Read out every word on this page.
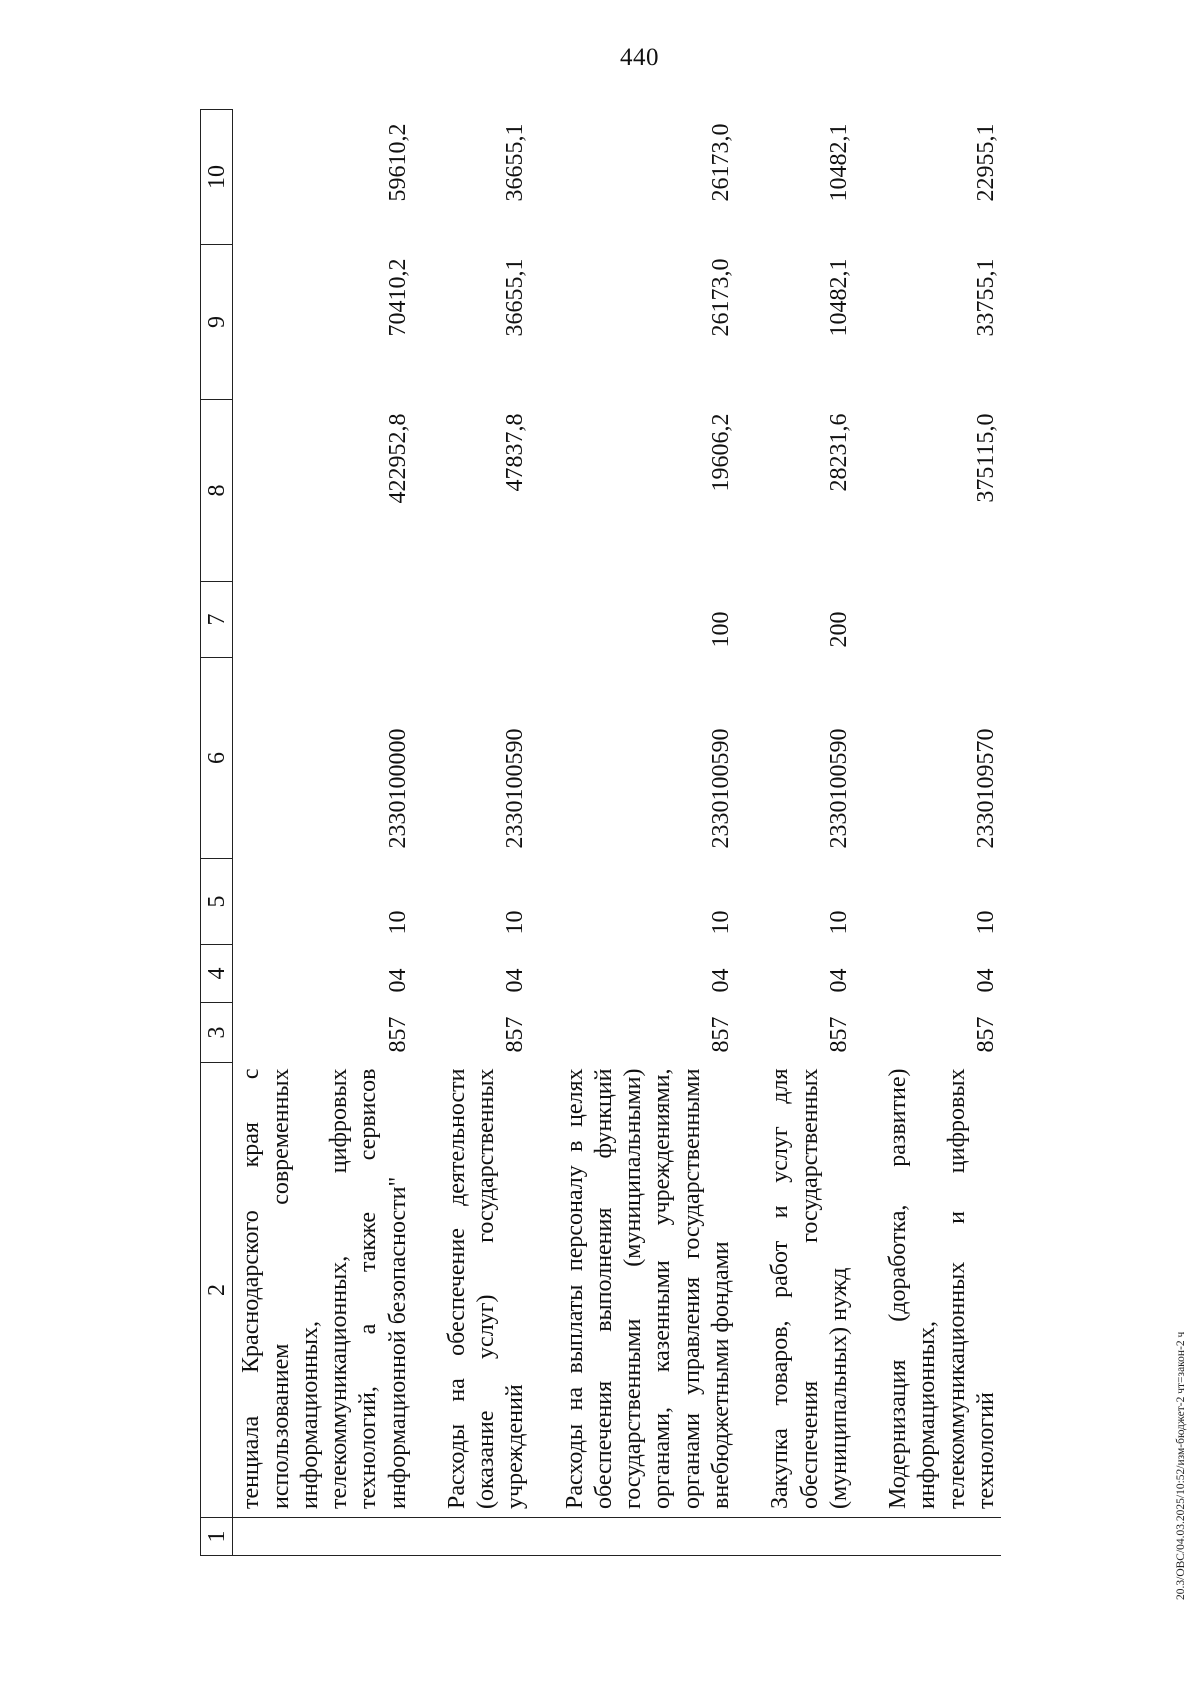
440
20.3/ОВС/04.03.2025/10:52/изм-бюджет-2 чт=закон-2 ч
1	2	3	4	5	6	7	8	9	10
	тенциала Краснодарского края с использованием современных информационных, телекоммуникационных, цифровых технологий, а также сервисов информационной безопасности"	857	04	10	2330100000		422952,8	70410,2	59610,2

	Расходы на обеспечение деятельности (оказание услуг) государственных учреждений	857	04	10	2330100590		47837,8	36655,1	36655,1

	Расходы на выплаты персоналу в целях обеспечения выполнения функций государственными (муниципальными) органами, казенными учреждениями, органами управления государственными внебюджетными фондами	857	04	10	2330100590	100	19606,2	26173,0	26173,0

	Закупка товаров, работ и услуг для обеспечения государственных (муниципальных) нужд	857	04	10	2330100590	200	28231,6	10482,1	10482,1

	Модернизация (доработка, развитие) информационных, телекоммуникационных и цифровых технологий	857	04	10	2330109570		375115,0	33755,1	22955,1
